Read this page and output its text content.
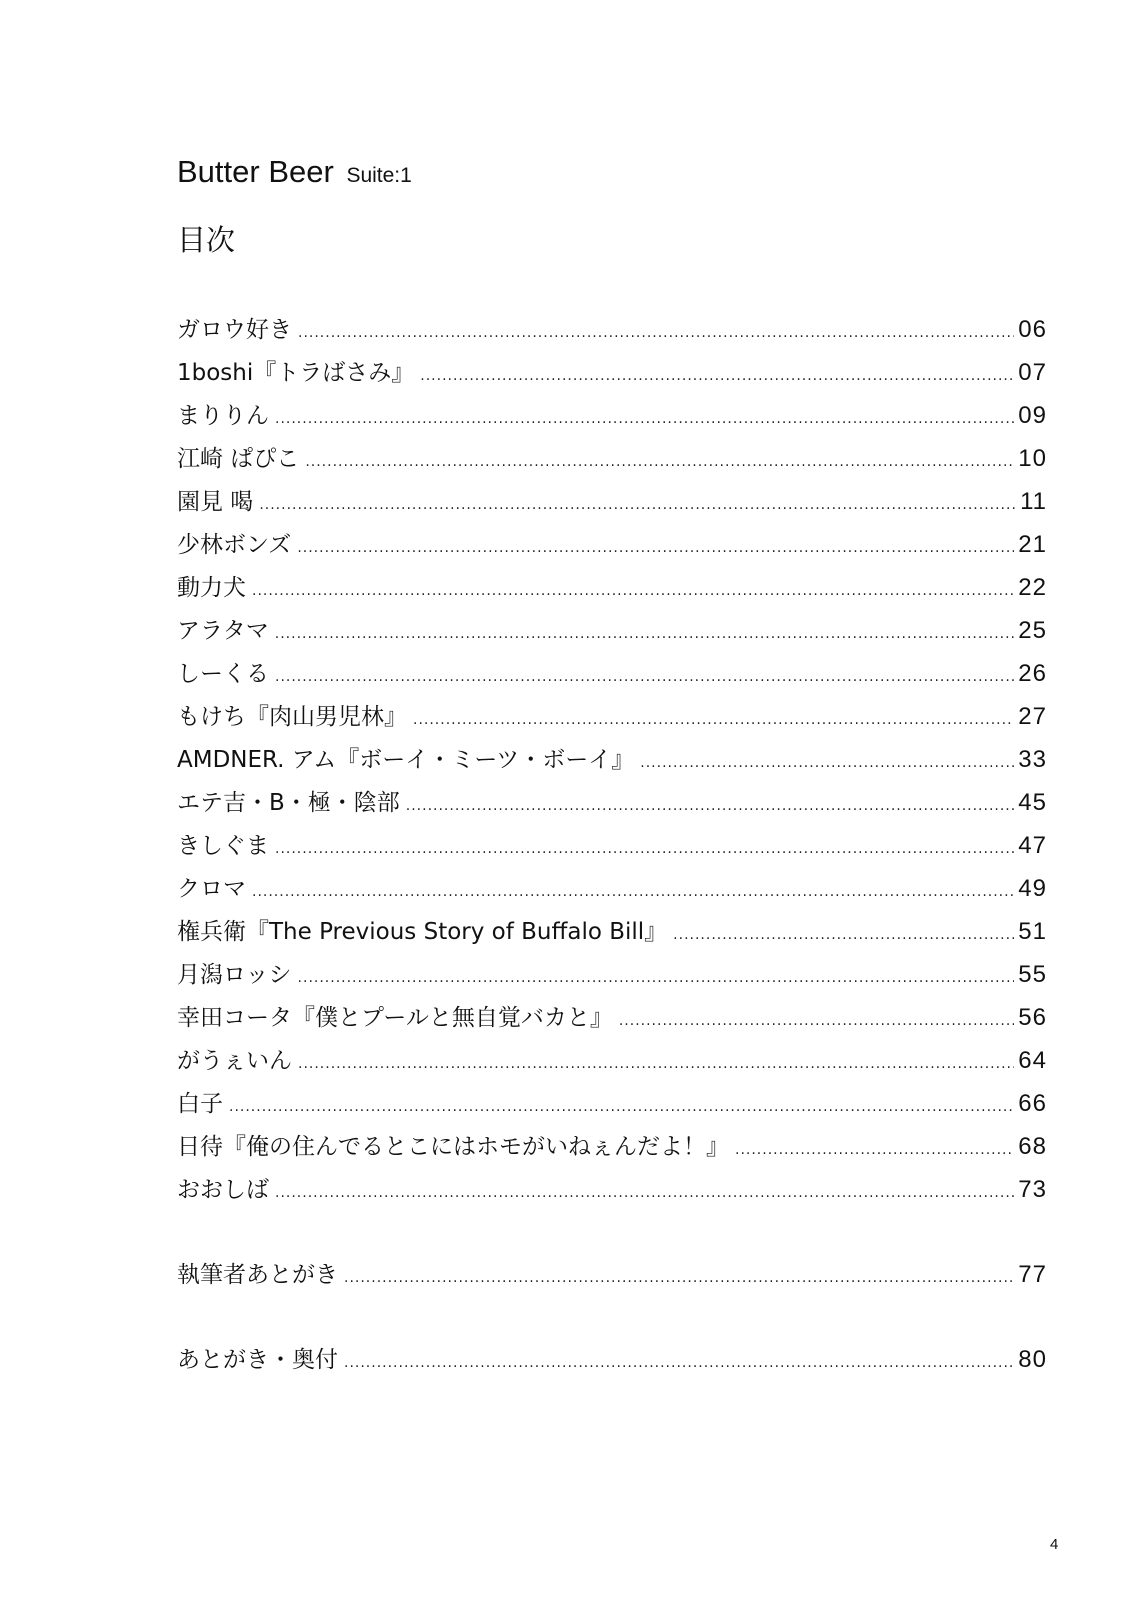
Butter Beer Suite:1
目次
ガロウ好き .....	06
1boshi『トラばさみ』 .....	07
まりりん .....	09
江崎 ぱぴこ .....	10
園見 喝 .....	11
少林ボンズ .....	21
動力犬 .....	22
アラタマ .....	25
しーくる .....	26
もけち『肉山男児林』 .....	27
AMDNER. アム『ボーイ・ミーツ・ボーイ』 .....	33
エテ吉・B・極・陰部 .....	45
きしぐま .....	47
クロマ .....	49
権兵衛『The Previous Story of Buffalo Bill』 .....	51
月潟ロッシ .....	55
幸田コータ『僕とプールと無自覚バカと』 .....	56
がうぇいん .....	64
白子 .....	66
日待『俺の住んでるとこにはホモがいねぇんだよ！』 .....	68
おおしば .....	73
執筆者あとがき .....	77
あとがき・奥付 .....	80
4
